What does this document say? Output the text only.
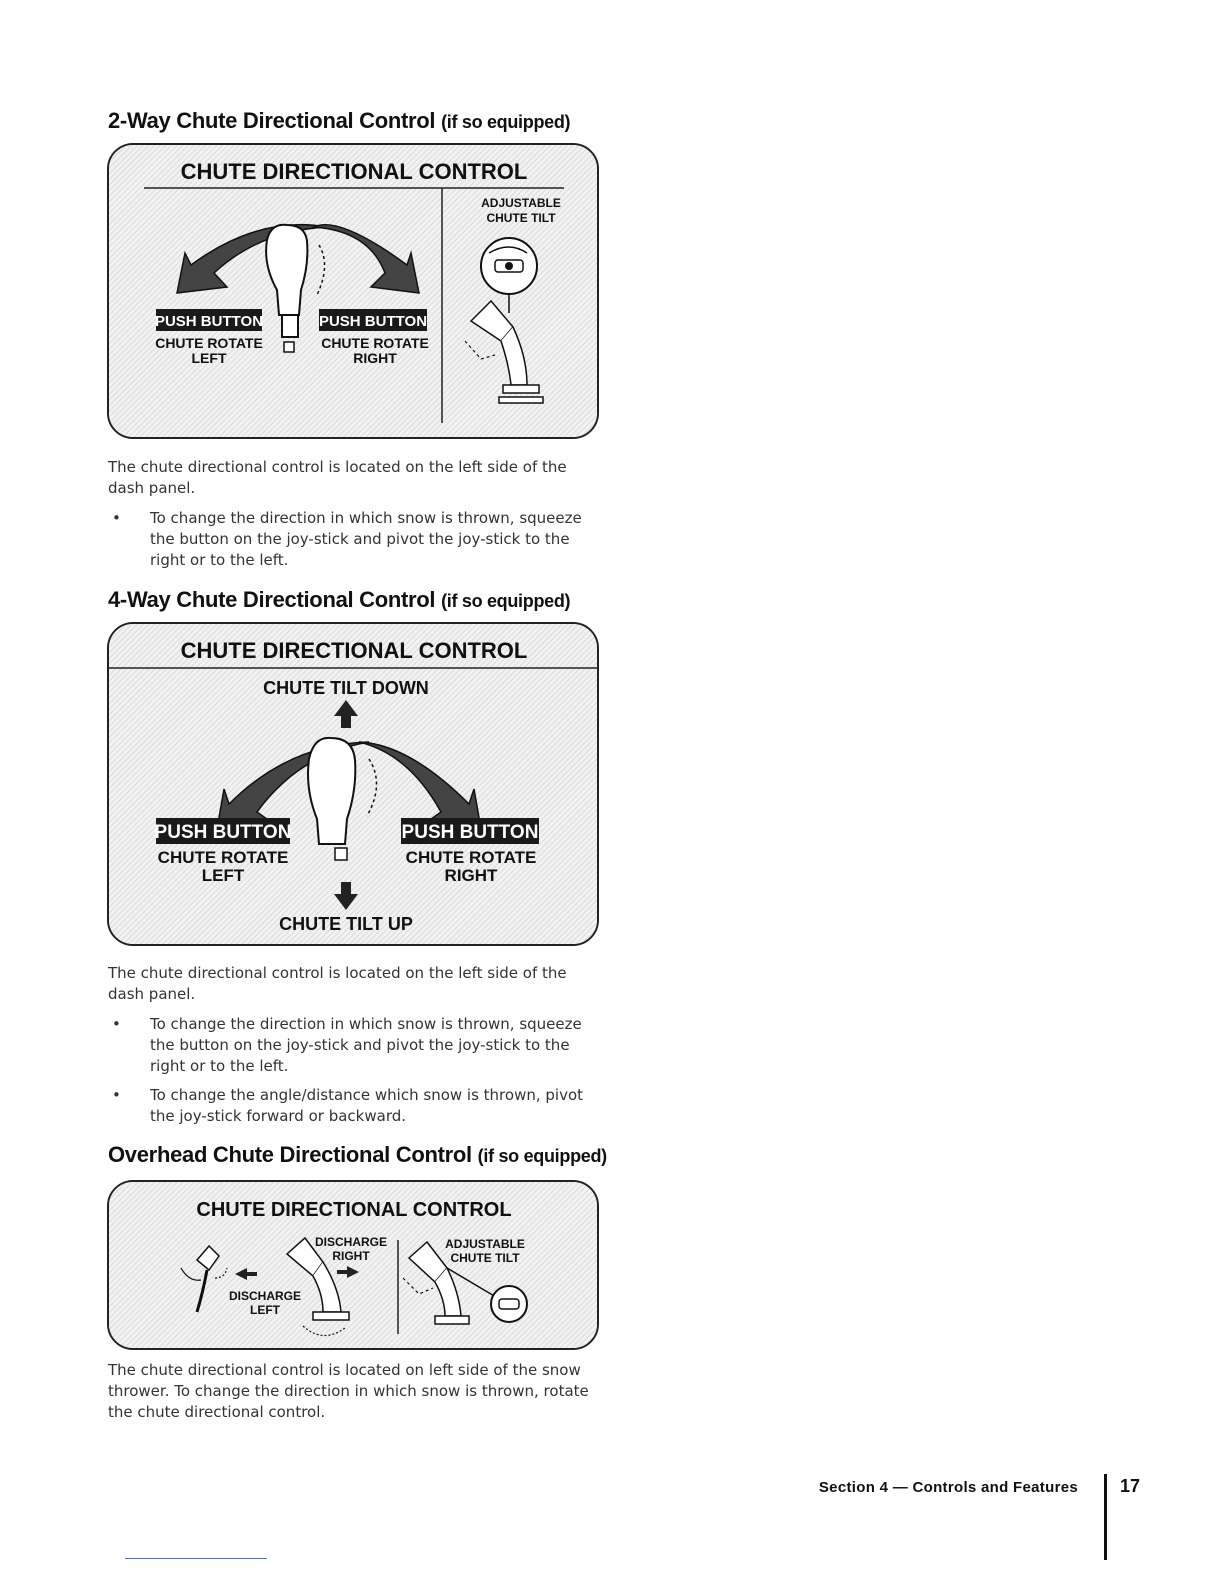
2-Way Chute Directional Control (if so equipped)
CHUTE DIRECTIONAL CONTROL
PUSH BUTTON	PUSH BUTTON
CHUTE ROTATE
LEFT
CHUTE ROTATE
RIGHT
ADJUSTABLE
CHUTE TILT

The chute directional control is located on the left side of the dash panel.

• To change the direction in which snow is thrown, squeeze the button on the joy-stick and pivot the joy-stick to the right or to the left.
4-Way Chute Directional Control (if so equipped)
CHUTE DIRECTIONAL CONTROL
CHUTE TILT DOWN
PUSH BUTTON	PUSH BUTTON
CHUTE ROTATE
LEFT
CHUTE ROTATE
RIGHT
CHUTE TILT UP

The chute directional control is located on the left side of the dash panel.

• To change the direction in which snow is thrown, squeeze the button on the joy-stick and pivot the joy-stick to the right or to the left.
• To change the angle/distance which snow is thrown, pivot the joy-stick forward or backward.
Overhead Chute Directional Control (if so equipped)
CHUTE DIRECTIONAL CONTROL
DISCHARGE
RIGHT
DISCHARGE
LEFT
ADJUSTABLE
CHUTE TILT

The chute directional control is located on left side of the snow thrower. To change the direction in which snow is thrown, rotate the chute directional control.

Section 4 — Controls and Features 17
